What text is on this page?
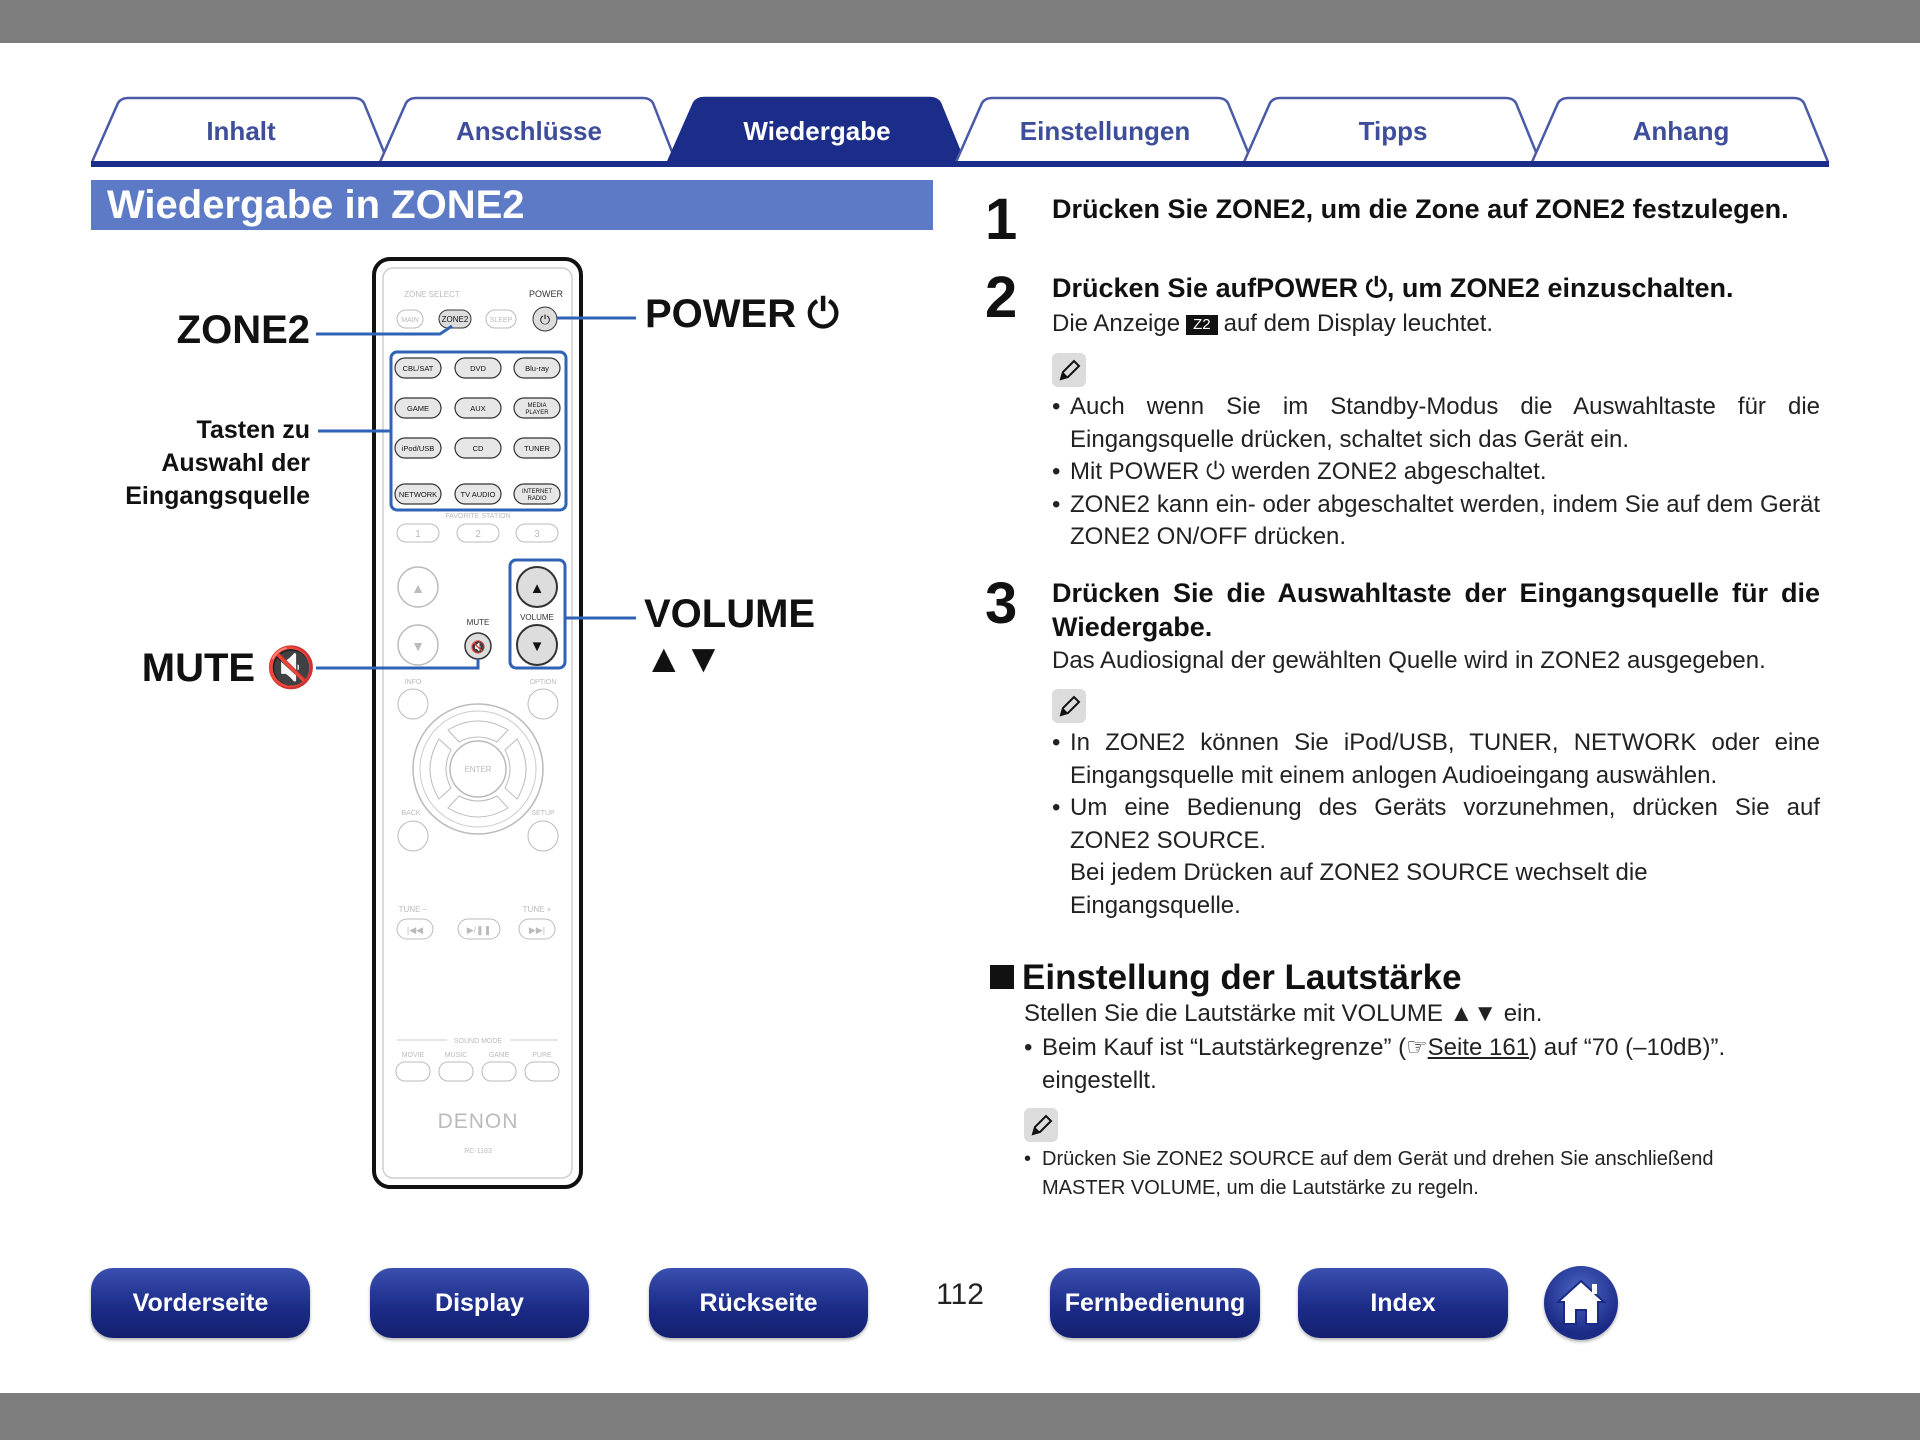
Inhalt	Anschlüsse	Wiedergabe	Einstellungen	Tipps	Anhang
Wiedergabe in ZONE2
ZONE SELECT	POWER
MAIN	ZONE2	SLEEP ⏻
CBL/SAT	DVD	Blu-ray
GAME	AUX	MEDIA
PLAYER
iPod/USB	CD	TUNER
NETWORK	TV AUDIO	INTERNET
RADIO
FAVORITE STATION
1	2	3
▲
▼
MUTE
🔇
▲
VOLUME
▼
INFO	OPTION
ENTER
BACK	SETUP
TUNE −	TUNE +
|◀◀	▶/❚❚	▶▶|
SOUND MODE
MOVIE	MUSIC	GAME	PURE
DENON
RC-1183
ZONE2	POWER ⏻
Tasten zu
Auswahl der
Eingangsquelle
VOLUME ▲▼
MUTE 🔇
1 Drücken Sie ZONE2, um die Zone auf ZONE2 festzulegen.
2 Drücken Sie aufPOWER ⏻, um ZONE2 einzuschalten.
Die Anzeige Z2 auf dem Display leuchtet.
• Auch wenn Sie im Standby-Modus die Auswahltaste für die Eingangsquelle drücken, schaltet sich das Gerät ein.
• Mit POWER ⏻ werden ZONE2 abgeschaltet.
• ZONE2 kann ein- oder abgeschaltet werden, indem Sie auf dem Gerät ZONE2 ON/OFF drücken.
3 Drücken Sie die Auswahltaste der Eingangsquelle für die Wiedergabe.
Das Audiosignal der gewählten Quelle wird in ZONE2 ausgegeben.
• In ZONE2 können Sie iPod/USB, TUNER, NETWORK oder eine Eingangsquelle mit einem anlogen Audioeingang auswählen.
• Um eine Bedienung des Geräts vorzunehmen, drücken Sie auf ZONE2 SOURCE.
Bei jedem Drücken auf ZONE2 SOURCE wechselt die Eingangsquelle.
Einstellung der Lautstärke
Stellen Sie die Lautstärke mit VOLUME ▲▼ ein.
• Beim Kauf ist “Lautstärkegrenze” (☞Seite 161) auf “70 (–10dB)”. eingestellt.
• Drücken Sie ZONE2 SOURCE auf dem Gerät und drehen Sie anschließend
MASTER VOLUME, um die Lautstärke zu regeln.
Vorderseite	Display	Rückseite	112	Fernbedienung	Index
